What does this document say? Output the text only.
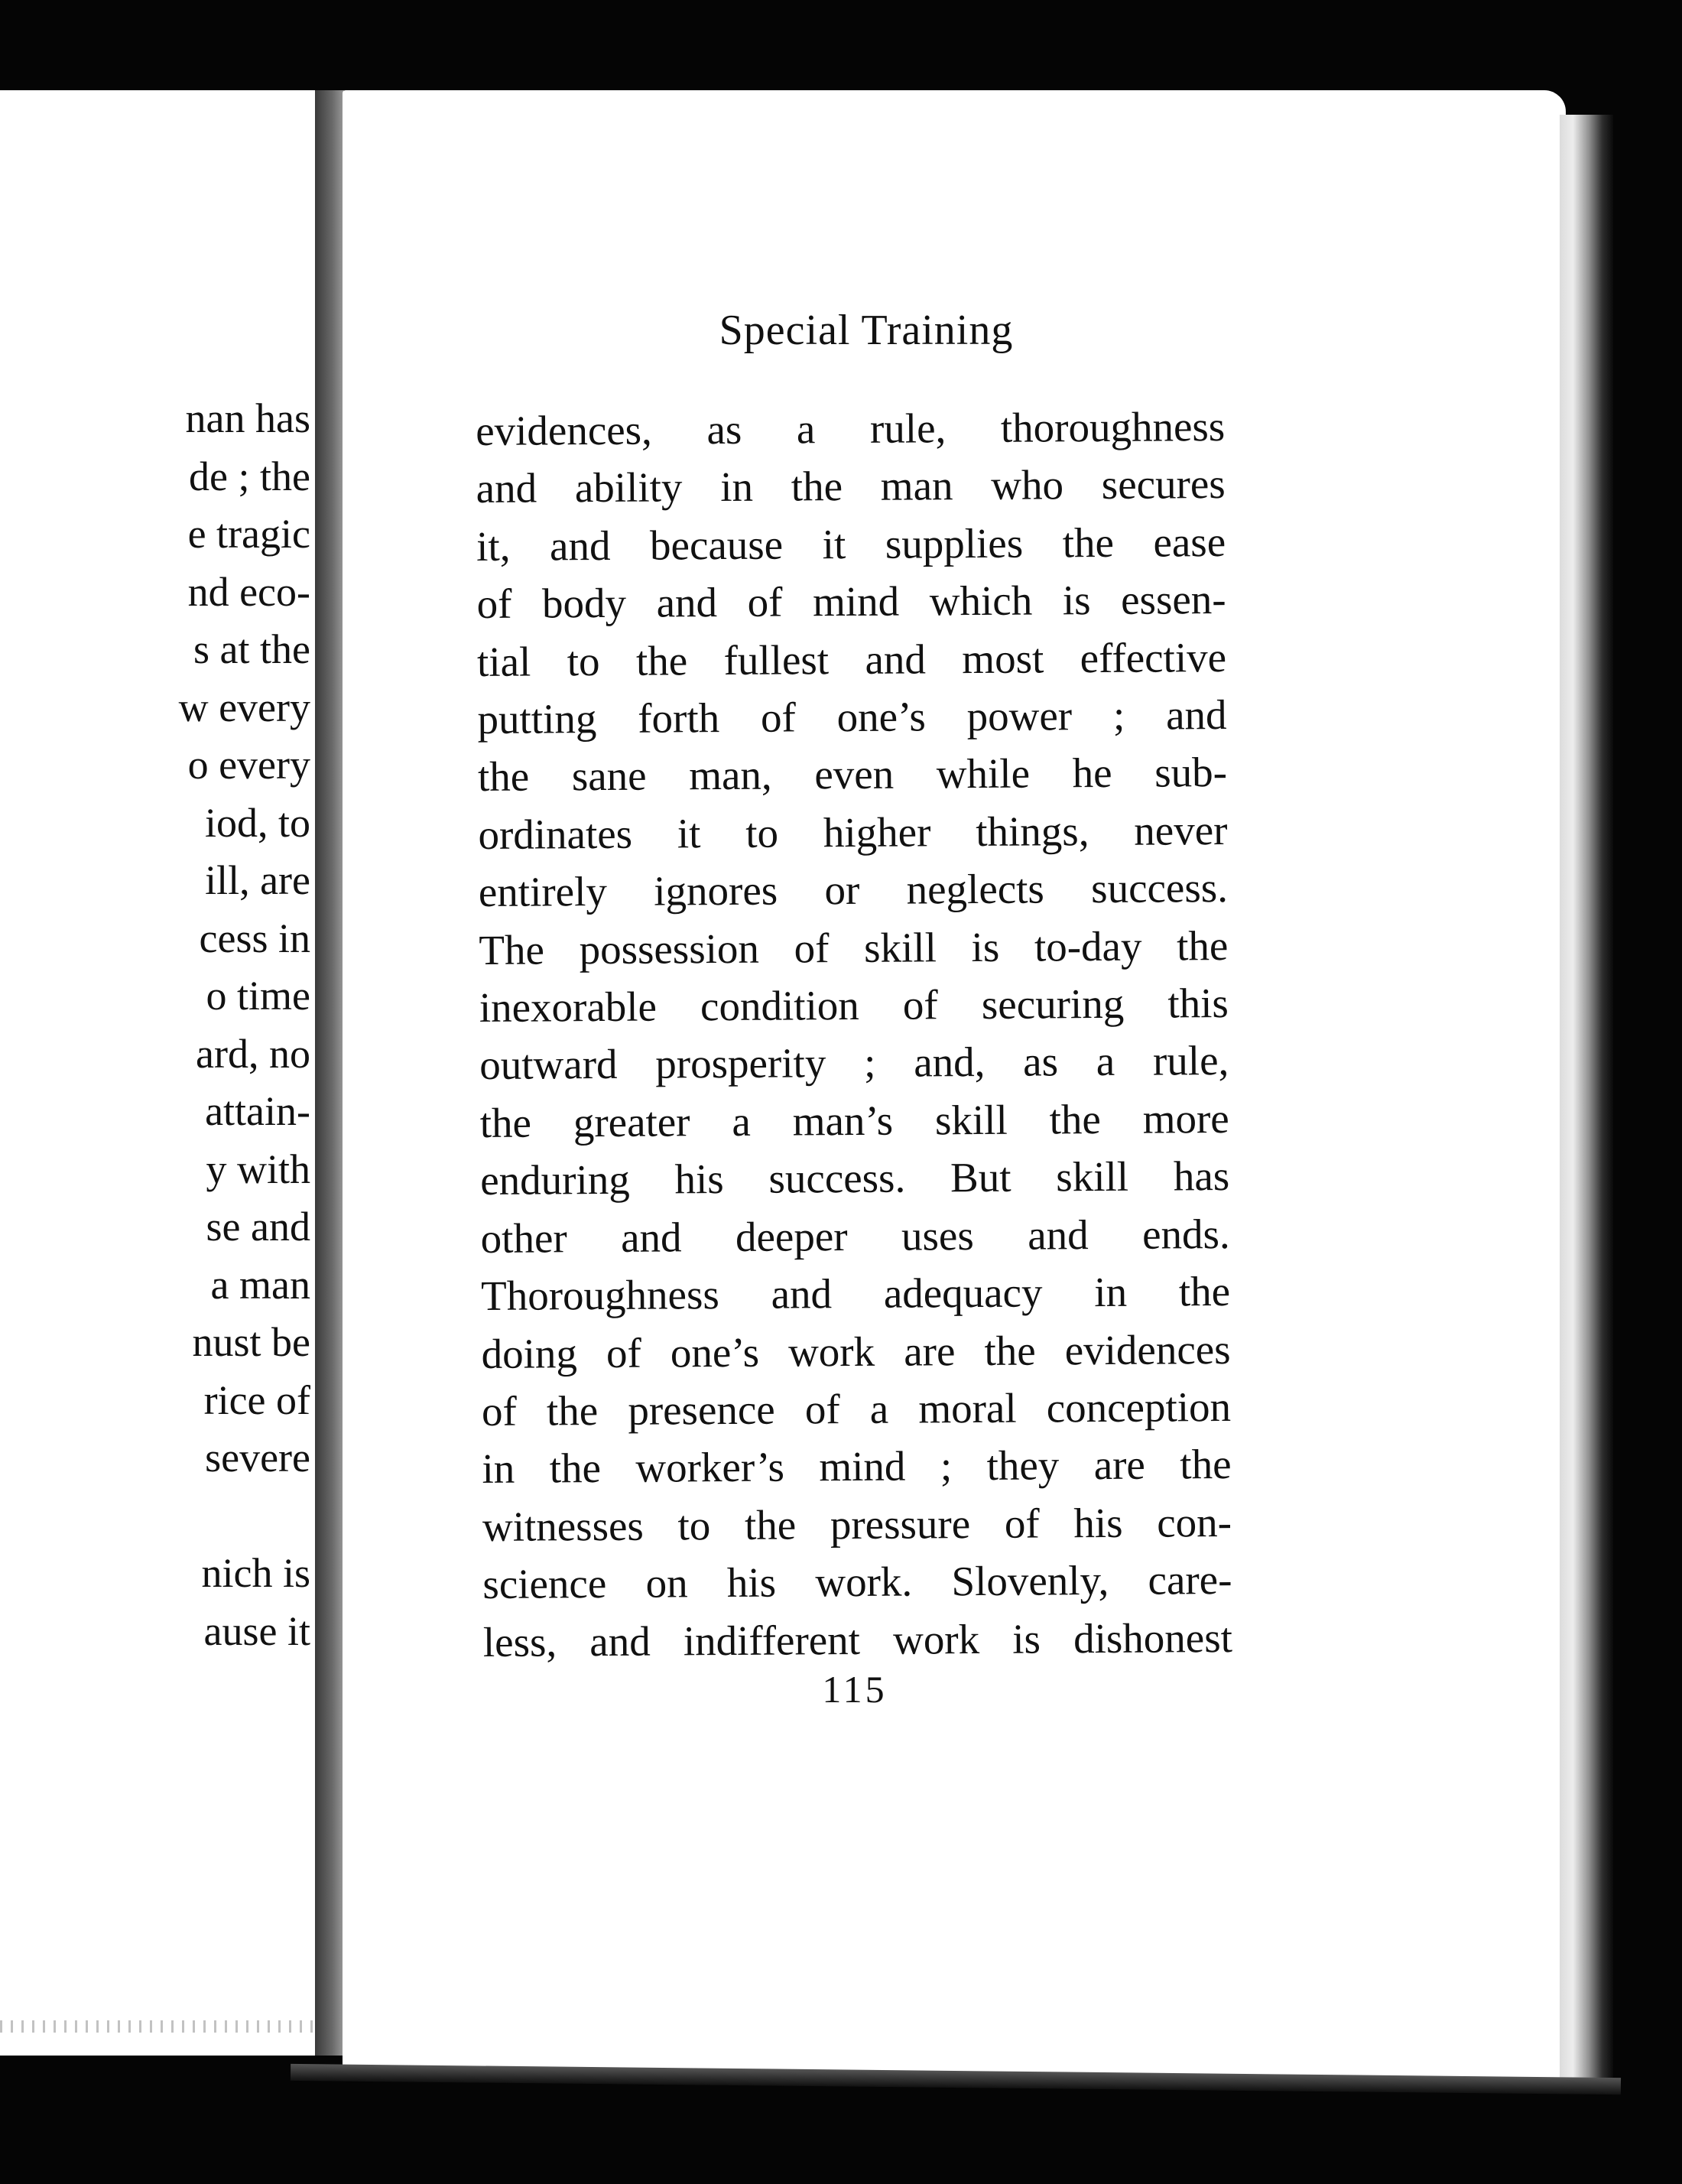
nan has
de ; the
e tragic
nd eco-
s at the
w every
o every
iod, to
ill, are
cess in
o time
ard, no
attain-
y with
se and
a man
nust be
rice of
severe
nich is
ause it
Special Training
evidences, as a rule, thoroughness
and ability in the man who secures
it, and because it supplies the ease
of body and of mind which is essen-
tial to the fullest and most effective
putting forth of one’s power ; and
the sane man, even while he sub-
ordinates it to higher things, never
entirely ignores or neglects success.
The possession of skill is to-day the
inexorable condition of securing this
outward prosperity ; and, as a rule,
the greater a man’s skill the more
enduring his success. But skill has
other and deeper uses and ends.
Thoroughness and adequacy in the
doing of one’s work are the evidences
of the presence of a moral conception
in the worker’s mind ; they are the
witnesses to the pressure of his con-
science on his work. Slovenly, care-
less, and indifferent work is dishonest
115
